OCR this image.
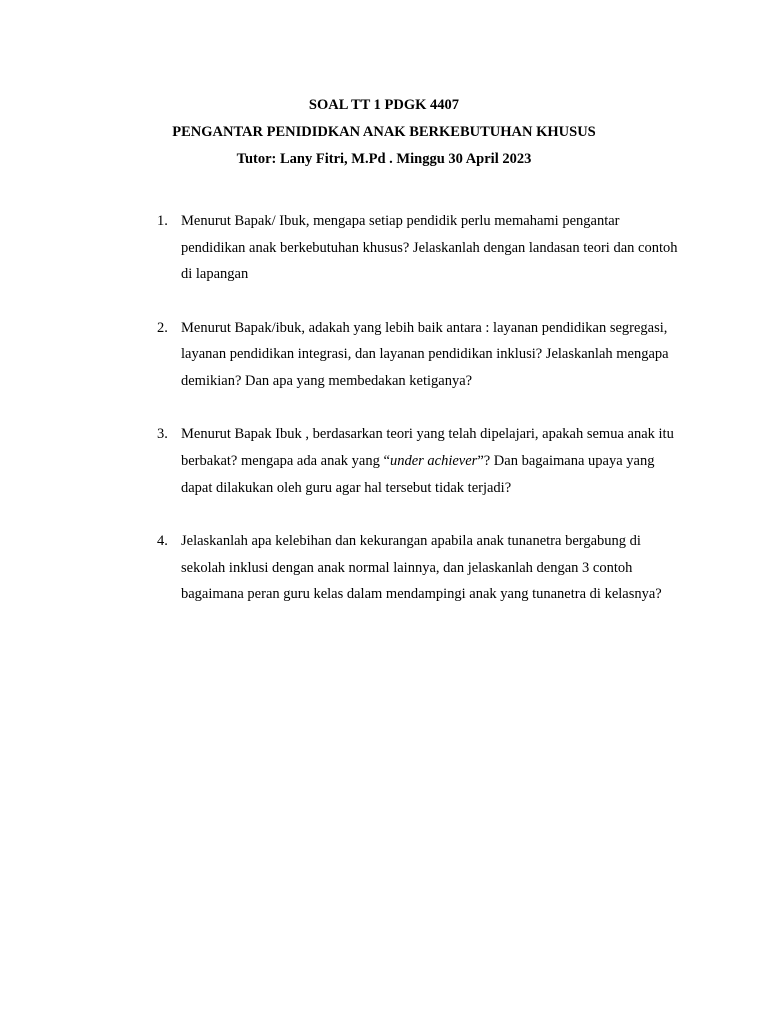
SOAL TT 1 PDGK 4407
PENGANTAR PENIDIDKAN ANAK BERKEBUTUHAN KHUSUS
Tutor: Lany Fitri, M.Pd . Minggu 30 April 2023
1. Menurut Bapak/ Ibuk, mengapa setiap pendidik perlu memahami pengantar pendidikan anak berkebutuhan khusus? Jelaskanlah dengan landasan teori dan contoh di lapangan
2. Menurut Bapak/ibuk, adakah yang lebih baik antara : layanan pendidikan segregasi, layanan pendidikan integrasi, dan layanan pendidikan inklusi? Jelaskanlah mengapa demikian? Dan apa yang membedakan ketiganya?
3. Menurut Bapak Ibuk , berdasarkan teori yang telah dipelajari, apakah semua anak itu berbakat? mengapa ada anak yang “under achiever”? Dan bagaimana upaya yang dapat dilakukan oleh guru agar hal tersebut tidak terjadi?
4. Jelaskanlah apa kelebihan dan kekurangan apabila anak tunanetra bergabung di sekolah inklusi dengan anak normal lainnya, dan jelaskanlah dengan 3 contoh bagaimana peran guru kelas dalam mendampingi anak yang tunanetra di kelasnya?
